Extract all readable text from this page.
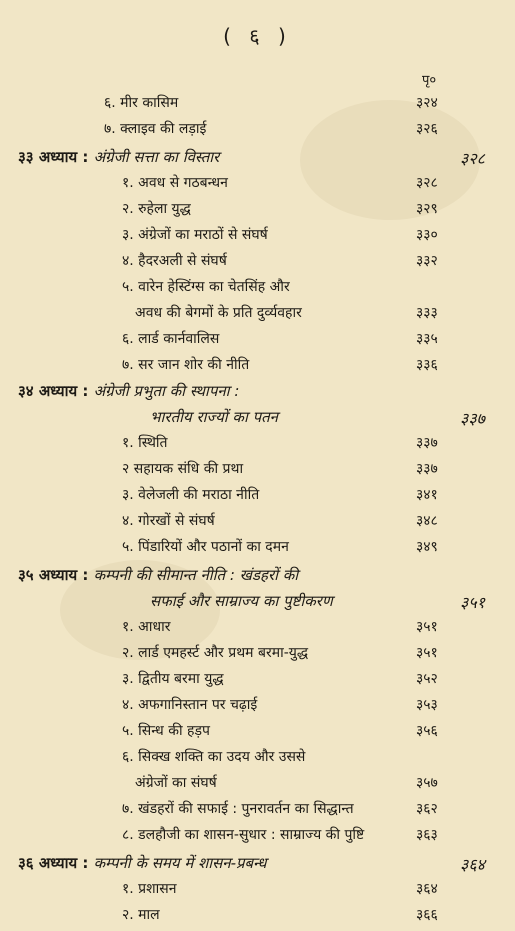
( ६ )
पृ०
६. मीर कासिम	३२४
७. क्लाइव की लड़ाई	३२६
३३ अध्याय : अंग्रेजी सत्ता का विस्तार	३२८
१. अवध से गठबन्धन	३२८
२. रुहेला युद्ध	३२९
३. अंग्रेजों का मराठों से संघर्ष	३३०
४. हैदरअली से संघर्ष	३३२
५. वारेन हेस्टिंग्स का चेतसिंह और
अवध की बेगमों के प्रति दुर्व्यवहार	३३३
६. लार्ड कार्नवालिस	३३५
७. सर जान शोर की नीति	३३६
३४ अध्याय : अंग्रेजी प्रभुता की स्थापना :
भारतीय राज्यों का पतन	३३७
१. स्थिति	३३७
२ सहायक संधि की प्रथा	३३७
३. वेलेजली की मराठा नीति	३४१
४. गोरखों से संघर्ष	३४८
५. पिंडारियों और पठानों का दमन	३४९
३५ अध्याय : कम्पनी की सीमान्त नीति : खंडहरों की
सफाई और साम्राज्य का पुष्टीकरण	३५१
१. आधार	३५१
२. लार्ड एमहर्स्ट और प्रथम बरमा-युद्ध	३५१
३. द्वितीय बरमा युद्ध	३५२
४. अफगानिस्तान पर चढ़ाई	३५३
५. सिन्ध की हड़प	३५६
६. सिक्ख शक्ति का उदय और उससे
अंग्रेजों का संघर्ष	३५७
७. खंडहरों की सफाई : पुनरावर्तन का सिद्धान्त	३६२
८. डलहौजी का शासन-सुधार : साम्राज्य की पुष्टि	३६३
३६ अध्याय : कम्पनी के समय में शासन-प्रबन्ध	३६४
१. प्रशासन	३६४
२. माल	३६६
